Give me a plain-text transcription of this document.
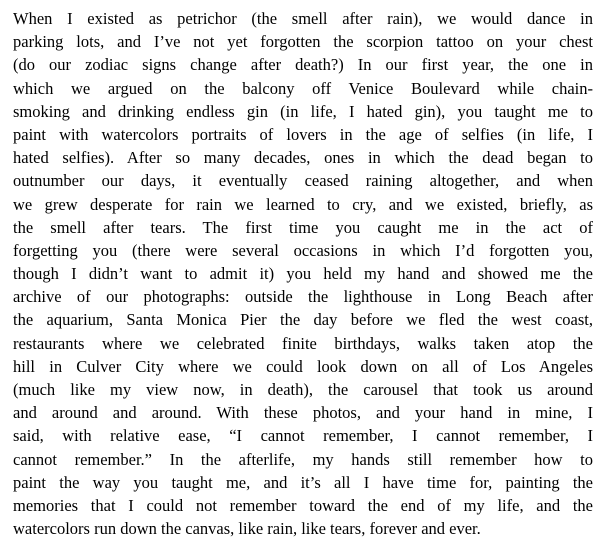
When I existed as petrichor (the smell after rain), we would dance in
parking lots, and I’ve not yet forgotten the scorpion tattoo on your chest
(do our zodiac signs change after death?) In our first year, the one in
which we argued on the balcony off Venice Boulevard while chain-
smoking and drinking endless gin (in life, I hated gin), you taught me to
paint with watercolors portraits of lovers in the age of selfies (in life, I
hated selfies). After so many decades, ones in which the dead began to
outnumber our days, it eventually ceased raining altogether, and when
we grew desperate for rain we learned to cry, and we existed, briefly, as
the smell after tears. The first time you caught me in the act of
forgetting you (there were several occasions in which I’d forgotten you,
though I didn’t want to admit it) you held my hand and showed me the
archive of our photographs: outside the lighthouse in Long Beach after
the aquarium, Santa Monica Pier the day before we fled the west coast,
restaurants where we celebrated finite birthdays, walks taken atop the
hill in Culver City where we could look down on all of Los Angeles
(much like my view now, in death), the carousel that took us around
and around and around. With these photos, and your hand in mine, I
said, with relative ease, “I cannot remember, I cannot remember, I
cannot remember.” In the afterlife, my hands still remember how to
paint the way you taught me, and it’s all I have time for, painting the
memories that I could not remember toward the end of my life, and the
watercolors run down the canvas, like rain, like tears, forever and ever.
